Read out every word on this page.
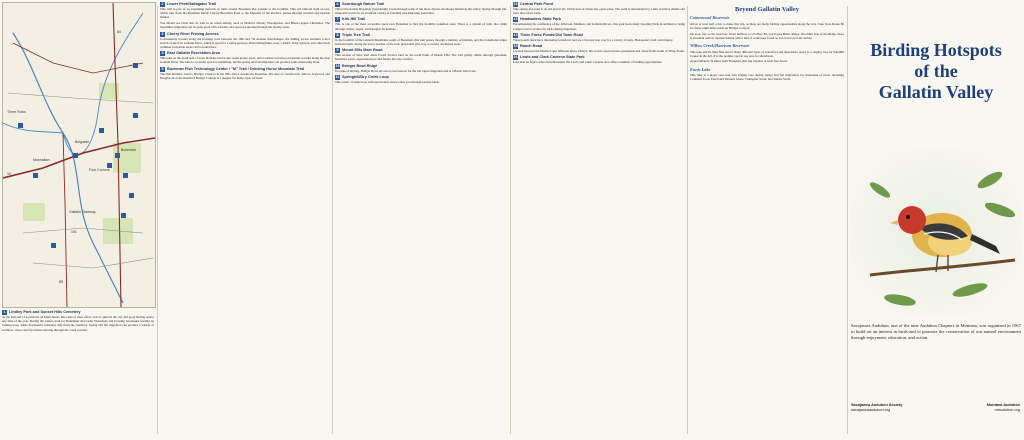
10
191
84
85
Bozeman
Belgrade
Manhattan
Four Corners
Gallatin Gateway
Three Forks
1 Lindley Park and Sunset Hills Cemetery

At the east end of downtown on Main Street, this oasis of trees offers a bit of quiet in the city and good birding nearly any time of the year. During the winter, look for Bohemian and Cedar Waxwings and Evening Grosbeaks feeding on fruiting trees, while Townsend's Solitaires sing from the cemetery. Spring and fall migration can produce a variety of warblers, vireos and flycatchers moving through the creek corridor.

2 Lower Peet/Gallagator Trail

This trail is part of an expanding network of trails around Bozeman that extends to the foothills. This old railroad right-of-way, which runs from the Bozeman Public Library/Bozeman Pond to the Museum of the Rockies, passes through wetland and riparian habitat.

You should see birds that do well in an urban setting, such as Mallard, Downy Woodpecker, and Black-capped Chickadee. The September migration can be quite good with warblers and sparrows moving through the brushy areas.

3 Cherry River Fishing Access

Conveniently located along the frontage road between the 19th and 7th Avenue interchanges, the fishing access includes a nice stretch of the East Gallatin River, which is good for a quick getaway. Belted Kingfisher, Gray Catbird, Song Sparrow and other birds common in riparian areas can be found here.

4 East Gallatin Recreation Area

This park on the north side of town includes Glen Lake, some grassy areas, and a willow/cottonwood riparian corridor along the East Gallatin River. The lake is a popular spot for swimming, but the spring and fall migration can produce some interesting birds.

5 Bozeman Fish Technology Center / "M" Trail / Drinking Horse Mountain Trail

The fish hatchery road to Bridger Creek is in the hills above downtown Bozeman. The mix of cottonwood, willow, dogwood, and Douglas-fir at the mouth of Bridger Canyon is a magnet for many types of birds.

6 Sourdough Nature Trail

This trail parallels Bozeman (Sourdough) Creek through some of the more diverse deciduous habitat in the valley. Spring through fall, listen and watch for an excellent variety of breeding and migrating passerines.

7 Kirk Hill Trail

This is one of the most accessible spots near Bozeman to bird the foothills transition zone. There is a system of trails that climb through willow, aspen, and Douglas-fir habitats.

8 Triple Tree Trail

In the foothills of the Gallatin Mountains south of Bozeman, this trail passes through a number of habitats, and the transitional edges between them. Along the lower reaches of the trail, grasslands give way to brushy deciduous areas.

9 Mount Ellis Main Road

This section of State land abuts Forest Service land on the north flank of Mount Ellis. The trail gently climbs through grassland, hawthorn scrub, aspen meadows and finally into the conifers.

10 Bridger Bowl Ridge

In terms of birding, Bridger Bowl ski area is best known for the fall raptor migration and is a Hawk Watch site.

11 Springhill/Dry Creek Loop

This scenic 15 mile loop, with spectacular views, takes you through pasture lands.

12 Central Park Pond

This spring-fed pond is an old gravel pit, which now is winter has open water. The pond is surrounded by a mix of native shrubs and trees that attract birds.

13 Headwaters State Park

Encompassing the confluence of the Jefferson, Madison, and Gallatin Rivers, this park hosts many breeding birds in addition to being a major travel corridor for birds during migration.

14 Three Forks Ponds/Old Town Road

These ponds often have interesting waterfowl and are a favored stop over for a variety of terns, Bonaparte's Gull, and Osprey.

15 Ranch Road

Located between the Madison and Jefferson River Valleys, this scenic road traverses grasslands and wheat fields south of Three Forks.

16 Lewis and Clark Caverns State Park

Less than an hour's drive from Bozeman, the Lewis and Clark Caverns area offers a number of birding opportunities.

Beyond Gallatin Valley
Cottonwood Reservoir

Allow at least half a day to make this trip, as there are many birding opportunities along the way. Take State Route 86 for thirty-eight miles north up Bridger Canyon.

On your way to the reservoir, about halfway to US Hwy 89, you'll pass Battle Ridge. On either side of the Ridge, there is excellent willow riparian habitat with a mix of coniferous forest as you travel over the divide.

Willow Creek/Harrison Reservoir

This lake and its mud flats attract many different types of waterfowl and shorebirds, and it is a staging area for Sandhill Cranes in the fall. It is the premier spot in our area for shorebirds.

Approximately 30 miles from Bozeman, this trip requires at least four hours.

Ennis Lake

This lake is a major stop-over and staging area during spring and fall migrations for thousands of birds, including Common Loon, Eared and Western Grebe, Trumpeter Swan, and Tundra Swan.

Birding Hotspots
of the
Gallatin Valley

Sacajawea Audubon, one of the nine Audubon Chapters in Montana, was organized in 1967 to build on an interest in birds and to promote the conservation of our natural environment through enjoyment, education, and action.

Sacajawea Audubon Society
sacajaweaaudubon.org
Montana Audubon
mtaudubon.org
